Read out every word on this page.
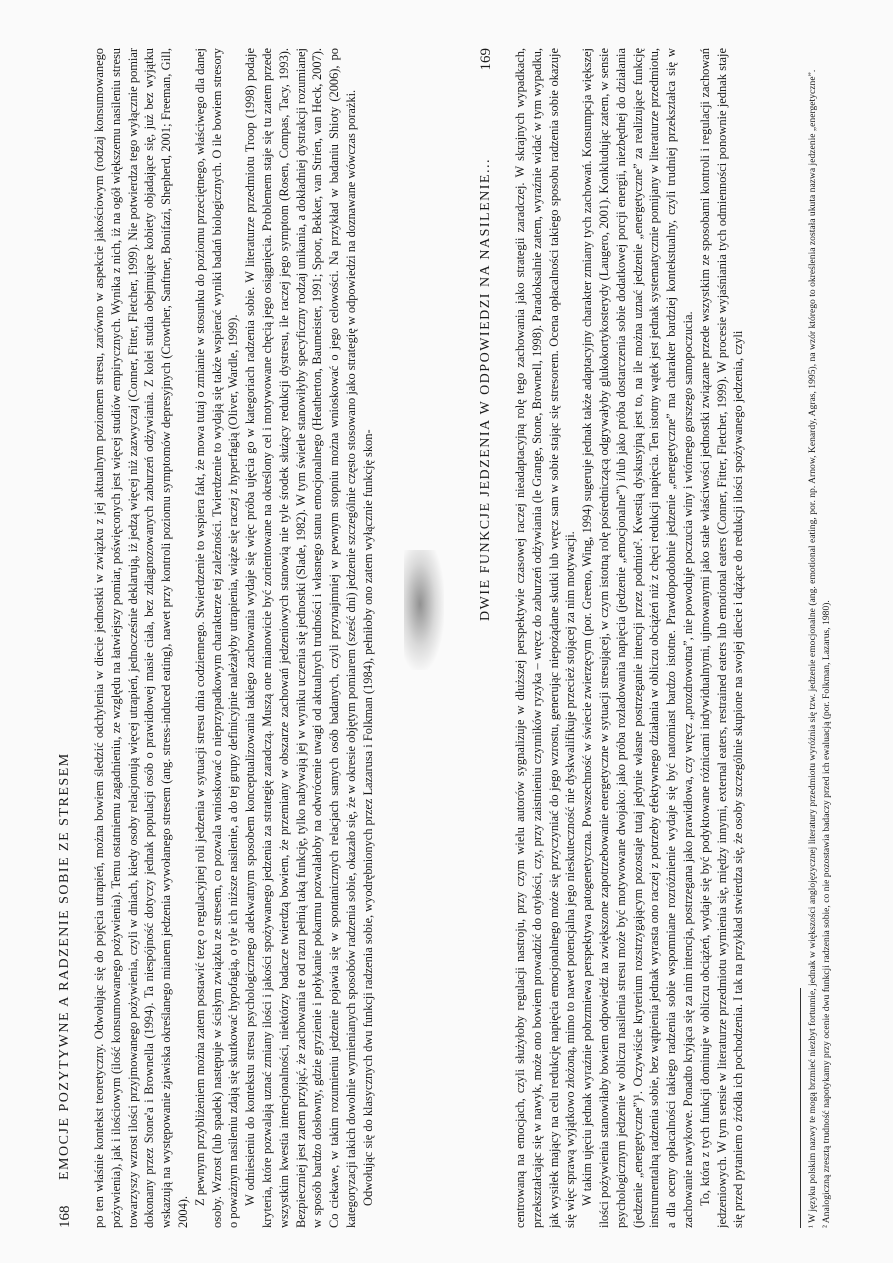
168
EMOCJE POZYTYWNE A RADZENIE SOBIE ZE STRESEM po ten właśnie kontekst teoretyczny. Odwołując się do pojęcia utrapień, można bowiem śledzić odchylenia w diecie jednostki w związku z jej aktualnym poziomem stresu, zarówno w aspekcie jakościowym (rodzaj konsumowanego pożywienia), jak i ilościowym (ilość konsumowanego pożywienia). Temu ostatniemu zagadnieniu, ze względu na łatwiejszy pomiar, poświęconych jest więcej studiów empirycznych. Wynika z nich, iż na ogół większemu nasileniu stresu towarzyszy wzrost ilości przyjmowanego pożywienia, czyli w dniach, kiedy osoby relacjonują więcej utrapień, jednocześnie deklarują, iż jedzą więcej niż zazwyczaj (Conner, Fitter, Fletcher, 1999). Nie potwierdza tego wyłącznie pomiar dokonany przez Stone'a i Brownella (1994). Ta niespójność dotyczy jednak populacji osób o prawidłowej masie ciała, bez zdiagnozowanych zaburzeń odżywiania. Z kolei studia obejmujące kobiety objadające się, już bez wyjątku wskazują na występowanie zjawiska określanego mianem jedzenia wywołanego stresem (ang. stress-induced eating), nawet przy kontroli poziomu symptomów depresyjnych (Crowther, Sanftner, Bonifazi, Shepherd, 2001; Freeman, Gill, 2004).

Z pewnym przybliżeniem można zatem postawić tezę o regulacyjnej roli jedzenia w sytuacji stresu dnia codziennego. Stwierdzenie to wspiera fakt, że mowa tutaj o zmianie w stosunku do poziomu przeciętnego, właściwego dla danej osoby. Wzrost (lub spadek) następuje w ścisłym związku ze stresem, co pozwala wnioskować o nieprzypadkowym charakterze tej zależności. Twierdzenie to wydają się także wspierać wyniki badań biologicznych. O ile bowiem stresory o poważnym nasileniu zdają się skutkować hypofagią, o tyle ich niższe nasilenie, a do tej grupy definicyjnie należałyby utrapienia, wiąże się raczej z hyperfagią (Oliver, Wardle, 1999). W odniesieniu do kontekstu stresu psychologicznego adekwatnym sposobem konceptualizowania takiego zachowania wydaje się więc próba ujęcia go w kategoriach radzenia sobie. W literaturze przedmiotu Troop (1998) podaje kryteria, które pozwalają uznać zmiany ilości i jakości spożywanego jedzenia za strategię zaradczą. Muszą one mianowicie być zorientowane na określony cel i motywowane chęcią jego osiągnięcia. Problemem staje się tu zatem przede wszystkim kwestia intencjonalności, niektórzy badacze twierdzą bowiem, że przemiany w obszarze zachowań jedzeniowych stanowią nie tyle środek służący redukcji dystresu, ile raczej jego symptom (Rosen, Compas, Tacy, 1993). Bezpieczniej jest zatem przyjąć, że zachowania te od razu pełnią taką funkcję, tylko nabywają jej w wyniku uczenia się jednostki (Slade, 1982). W tym świetle stanowiłyby specyficzny rodzaj unikania, a dokładniej dystrakcji rozumianej w sposób bardzo dosłowny, gdzie gryzienie i połykanie pokarmu pozwalałoby na odwrócenie uwagi od aktualnych trudności i własnego stanu emocjonalnego (Heatherton, Baumeister, 1991; Spoor, Bekker, van Strien, van Heck, 2007). Co ciekawe, w takim rozumieniu jedzenie pojawia się w spontanicznych relacjach samych osób badanych, czyli przynajmniej w pewnym stopniu można wnioskować o jego celowości. Na przykład w badaniu Shioty (2006), po kategoryzacji takich dowolnie wymienianych sposobów radzenia sobie, okazało się, że w okresie objętym pomiarem (sześć dni) jedzenie szczególnie często stosowano jako strategię w odpowiedzi na doznawane wówczas porażki. Odwołując się do klasycznych dwu funkcji radzenia sobie, wyodrębnionych przez Lazarusa i Folkman (1984), pełniłoby ono zatem wyłącznie funkcję skon-

DWIE FUNKCJE JEDZENIA W ODPOWIEDZI NA NASILENIE...
169 centrowaną na emocjach, czyli służyłoby regulacji nastroju, przy czym wielu autorów sygnalizuje w dłuższej perspektywie czasowej raczej nieadaptacyjną rolę tego zachowania jako strategii zaradczej. W skrajnych wypadkach, przekształcając się w nawyk, może ono bowiem prowadzić do otyłości, czy, przy zaistnieniu czynników ryzyka – wręcz do zaburzeń odżywiania (le Grange, Stone, Brownell, 1998). Paradoksalnie zatem, wyraźnie widać w tym wypadku, jak wysiłek mający na celu redukcję napięcia emocjonalnego może się przyczyniać do jego wzrostu, generując niepożądane skutki lub wręcz sam w sobie stając się stresorem. Ocena opłacalności takiego sposobu radzenia sobie okazuje się więc sprawą wyjątkowo złożoną, mimo to nawet potencjalna jego nieskuteczność nie dyskwalifikuje przecież stojącej za nim motywacji. W takim ujęciu jednak wyraźnie pobrzmiewa perspektywa patogenetyczna. Powszechność w świecie zwierzęcym (por. Greeno, Wing, 1994) sugeruje jednak także adaptacyjny charakter zmiany tych zachowań. Konsumpcja większej ilości pożywienia stanowiłaby bowiem odpowiedź na zwiększone zapotrzebowanie energetyczne w sytuacji stresującej, w czym istotną rolę pośredniczącą odgrywałyby glukokortykosterydy (Laugero, 2001). Konkludując zatem, w sensie psychologicznym jedzenie w obliczu nasilenia stresu może być motywowane dwojako: jako próba rozładowania napięcia (jedzenie „emocjonalne”) i/lub jako próba dostarczenia sobie dodatkowej porcji energii, niezbędnej do działania (jedzenie „energetyczne”)¹. Oczywiście kryterium rozstrzygającym pozostaje tutaj jedynie własne postrzeganie intencji przez podmiot². Kwestią dyskusyjną jest to, na ile można uznać jedzenie „energetyczne” za realizujące funkcję instrumentalną radzenia sobie, bez wątpienia jednak wyrasta ono raczej z potrzeby efektywnego działania w obliczu obciążeń niż z chęci redukcji napięcia. Ten istotny wątek jest jednak systematycznie pomijany w literaturze przedmiotu, a dla oceny opłacalności takiego radzenia sobie wspomniane rozróżnienie wydaje się być natomiast bardzo istotne. Prawdopodobnie jedzenie „energetyczne” ma charakter bardziej kontekstualny, czyli trudniej przekształca się w zachowanie nawykowe. Ponadto kryjąca się za nim intencja, postrzegana jako prawidłowa, czy wręcz „prozdrowotna”, nie powoduje poczucia winy i wtórnego gorszego samopoczucia. To, która z tych funkcji dominuje w obliczu obciążeń, wydaje się być podyktowane różnicami indywidualnymi, ujmowanymi jako stałe właściwości jednostki związane przede wszystkim ze sposobami kontroli i regulacji zachowań jedzeniowych. W tym sensie w literaturze przedmiotu wymienia się, między innymi, external eaters, restrained eaters lub emotional eaters (Conner, Fitter, Fletcher, 1999). W procesie wyjaśniania tych odmienności ponownie jednak staje się przed pytaniem o źródła ich pochodzenia. I tak na przykład stwierdza się, że osoby szczególnie skupione na swojej diecie i dążące do redukcji ilości spożywanego jedzenia, czyli	¹ W języku polskim nazwy te mogą brzmieć niezbyt fortunnie, jednak w większości anglojęzycznej literatury przedmiotu wyróżnia się tzw. jedzenie emocjonalne (ang. emotional eating, por. np. Arnow, Kenardy, Agras, 1995), na wzór którego to określenia została ukuta nazwa jedzenie „energetyczne”. ² Analogiczną zresztą trudność napotykamy przy ocenie dwu funkcji radzenia sobie, co nie pozostawia badaczy przed ich ewaluacją (por. Folkman, Lazarus, 1980).
